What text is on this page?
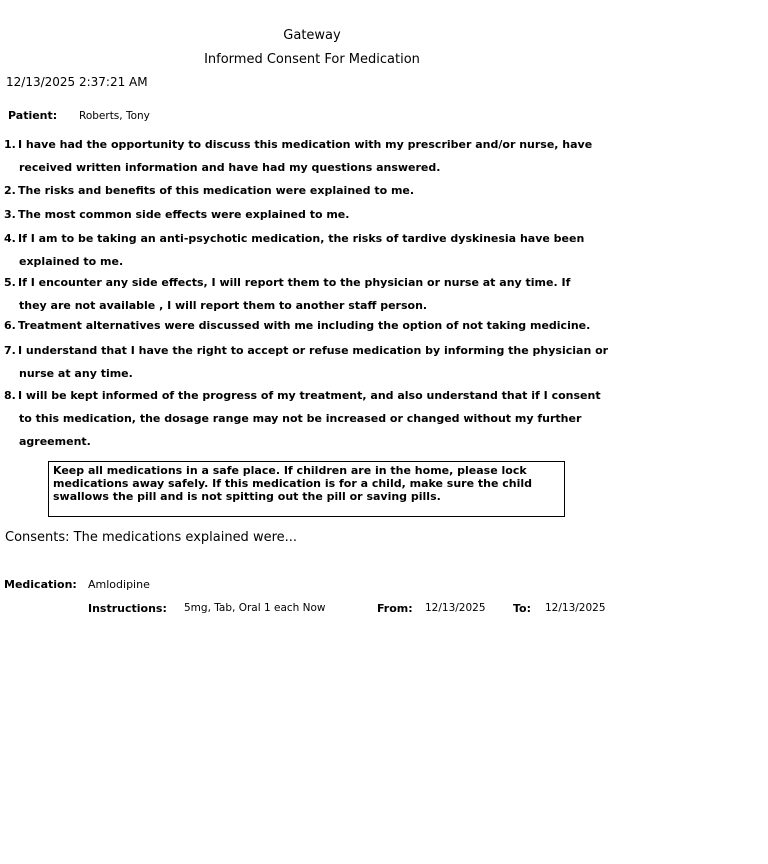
Gateway
Informed Consent For Medication
12/13/2025 2:37:21 AM
Patient: Roberts, Tony
1. I have had the opportunity to discuss this medication with my prescriber and/or nurse, have
received written information and have had my questions answered.
2. The risks and benefits of this medication were explained to me.
3. The most common side effects were explained to me.
4. If I am to be taking an anti-psychotic medication, the risks of tardive dyskinesia have been
explained to me.
5. If I encounter any side effects, I will report them to the physician or nurse at any time. If
they are not available , I will report them to another staff person.
6. Treatment alternatives were discussed with me including the option of not taking medicine.
7. I understand that I have the right to accept or refuse medication by informing the physician or
nurse at any time.
8. I will be kept informed of the progress of my treatment, and also understand that if I consent
to this medication, the dosage range may not be increased or changed without my further
agreement.
Keep all medications in a safe place. If children are in the home, please lock
medications away safely. If this medication is for a child, make sure the child
swallows the pill and is not spitting out the pill or saving pills.
Consents: The medications explained were...
Medication: Amlodipine
Instructions: 5mg, Tab, Oral 1 each Now	From: 12/13/2025 To: 12/13/2025
